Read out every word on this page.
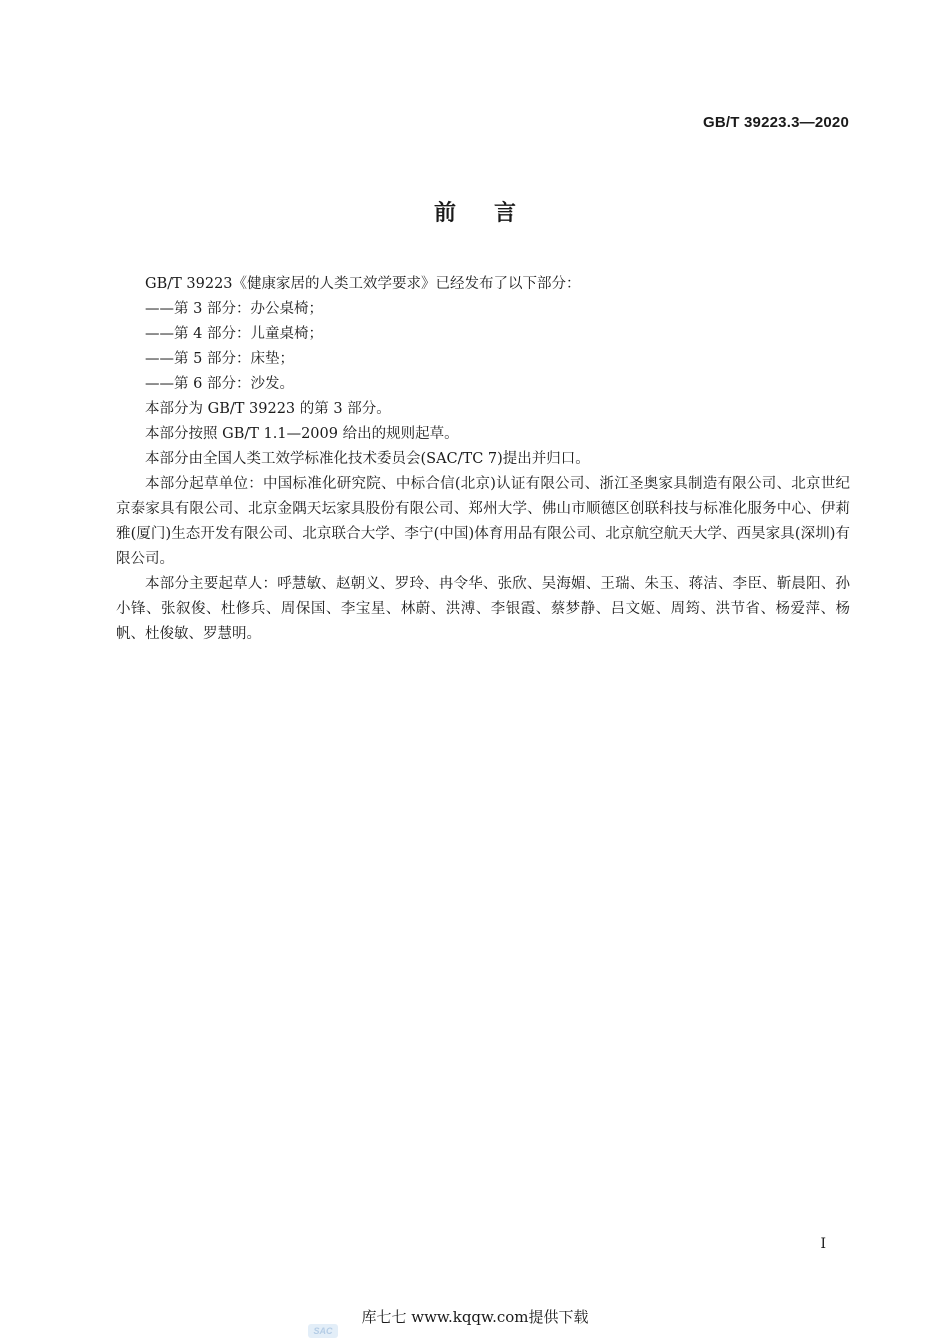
GB/T 39223.3—2020
前言

GB/T 39223《健康家居的人类工效学要求》已经发布了以下部分：

——第 3 部分：办公桌椅；

——第 4 部分：儿童桌椅；

——第 5 部分：床垫；

——第 6 部分：沙发。

本部分为 GB/T 39223 的第 3 部分。

本部分按照 GB/T 1.1—2009 给出的规则起草。

本部分由全国人类工效学标准化技术委员会(SAC/TC 7)提出并归口。

本部分起草单位：中国标准化研究院、中标合信(北京)认证有限公司、浙江圣奥家具制造有限公司、北京世纪京泰家具有限公司、北京金隅天坛家具股份有限公司、郑州大学、佛山市顺德区创联科技与标准化服务中心、伊莉雅(厦门)生态开发有限公司、北京联合大学、李宁(中国)体育用品有限公司、北京航空航天大学、西昊家具(深圳)有限公司。

本部分主要起草人：呼慧敏、赵朝义、罗玲、冉令华、张欣、吴海媚、王瑞、朱玉、蒋洁、李臣、靳晨阳、孙小锋、张叙俊、杜修兵、周保国、李宝星、林蔚、洪溥、李银霞、蔡梦静、吕文姬、周筠、洪节省、杨爱萍、杨帆、杜俊敏、罗慧明。

I
SAC
库七七 www.kqqw.com提供下载
